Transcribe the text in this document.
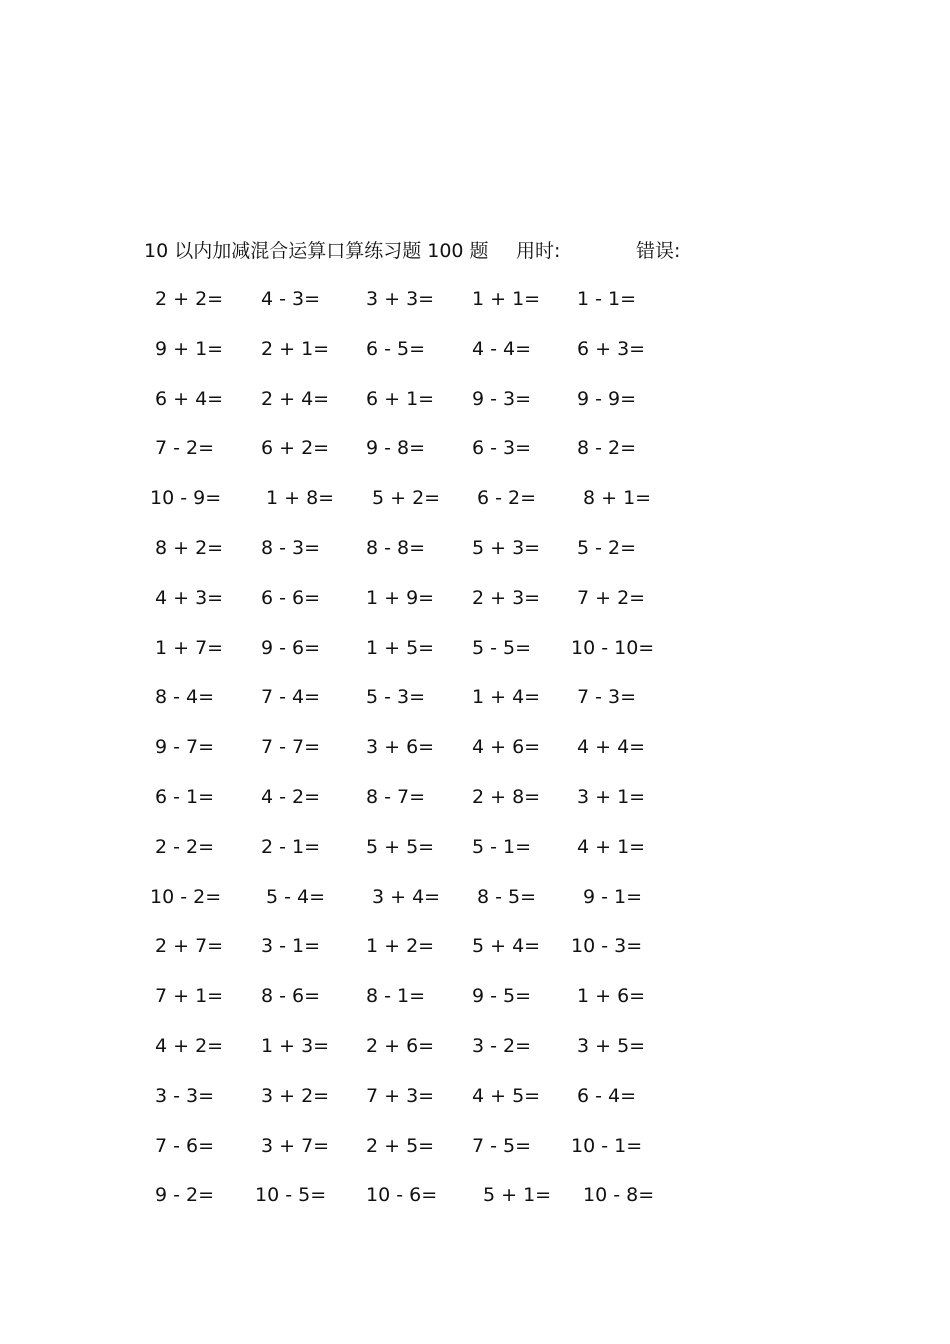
10 以内加减混合运算口算练习题 100 题 用时:	错误:
2 + 2= 4 - 3= 3 + 3= 1 + 1= 1 - 1=
9 + 1= 2 + 1= 6 - 5= 4 - 4= 6 + 3=
6 + 4= 2 + 4= 6 + 1= 9 - 3= 9 - 9=
7 - 2= 6 + 2= 9 - 8= 6 - 3= 8 - 2=
10 - 9= 1 + 8= 5 + 2= 6 - 2= 8 + 1=
8 + 2= 8 - 3= 8 - 8= 5 + 3= 5 - 2=
4 + 3= 6 - 6= 1 + 9= 2 + 3= 7 + 2=
1 + 7= 9 - 6= 1 + 5= 5 - 5= 10 - 10=
8 - 4= 7 - 4= 5 - 3= 1 + 4= 7 - 3=
9 - 7= 7 - 7= 3 + 6= 4 + 6= 4 + 4=
6 - 1= 4 - 2= 8 - 7= 2 + 8= 3 + 1=
2 - 2= 2 - 1= 5 + 5= 5 - 1= 4 + 1=
10 - 2= 5 - 4= 3 + 4= 8 - 5= 9 - 1=
2 + 7= 3 - 1= 1 + 2= 5 + 4= 10 - 3=
7 + 1= 8 - 6= 8 - 1= 9 - 5= 1 + 6=
4 + 2= 1 + 3= 2 + 6= 3 - 2= 3 + 5=
3 - 3= 3 + 2= 7 + 3= 4 + 5= 6 - 4=
7 - 6= 3 + 7= 2 + 5= 7 - 5= 10 - 1=
9 - 2= 10 - 5= 10 - 6= 5 + 1= 10 - 8=
